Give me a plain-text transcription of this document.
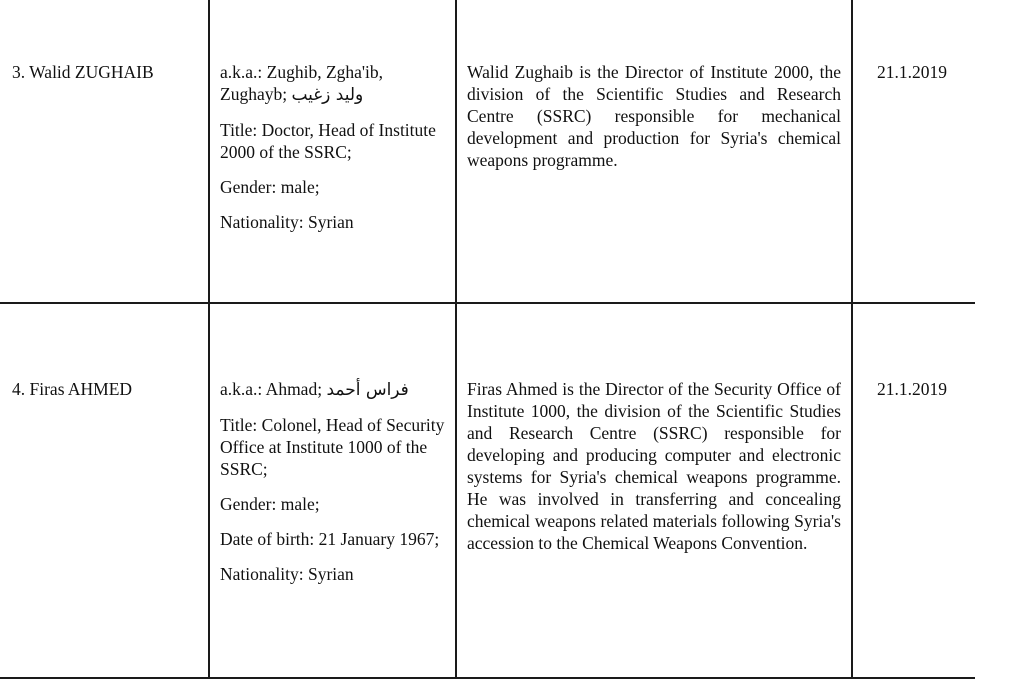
3. Walid ZUGHAIB	a.k.a.: Zughib, Zgha'ib, Zughayb; وليد زغيب

Title: Doctor, Head of Institute 2000 of the SSRC;

Gender: male;

Nationality: Syrian

Walid Zughaib is the Director of Institute 2000, the division of the Scientific Studies and Research Centre (SSRC) responsible for mechanical development and production for Syria's chemical weapons programme.
21.1.2019
4. Firas AHMED	a.k.a.: Ahmad; فراس أحمد

Title: Colonel, Head of Security Office at Institute 1000 of the SSRC;

Gender: male;

Date of birth: 21 January 1967;

Nationality: Syrian

Firas Ahmed is the Director of the Security Office of Institute 1000, the division of the Scientific Studies and Research Centre (SSRC) responsible for developing and producing computer and electronic systems for Syria's chemical weapons programme. He was involved in transferring and concealing chemical weapons related materials following Syria's accession to the Chemical Weapons Convention.
21.1.2019
